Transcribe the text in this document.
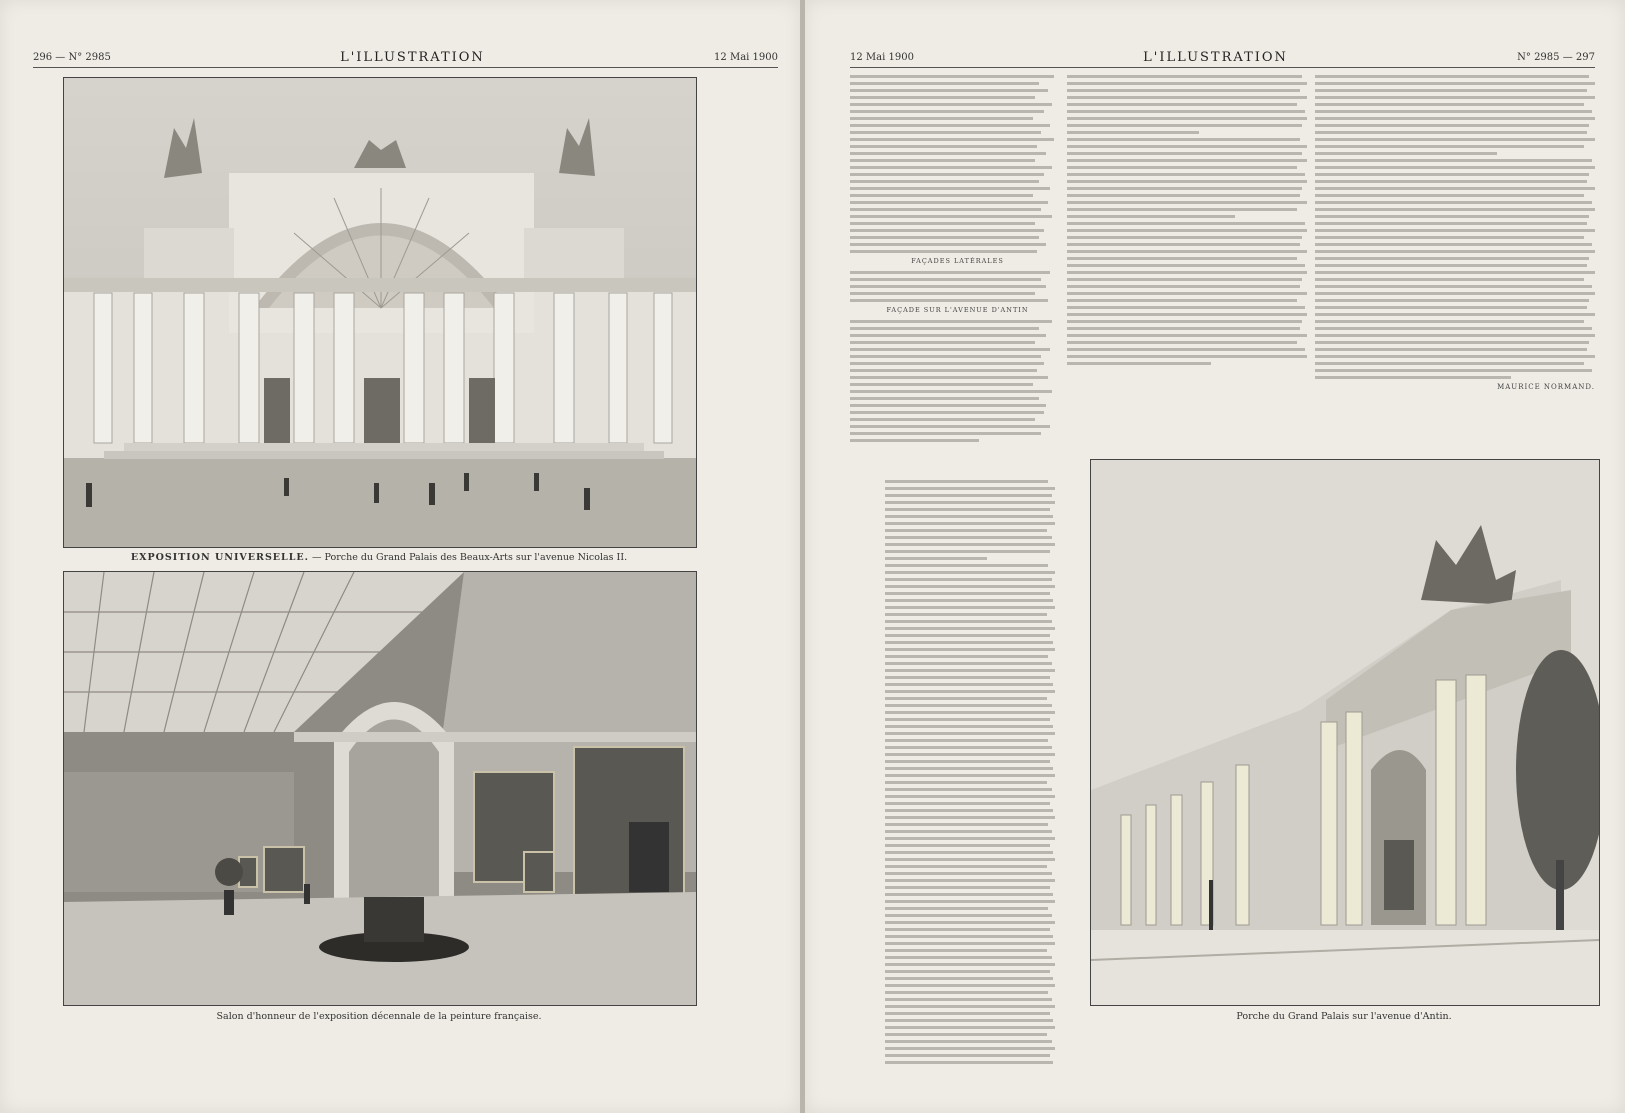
296 — N° 2985	L'ILLUSTRATION	12 Mai 1900
EXPOSITION UNIVERSELLE. — Porche du Grand Palais des Beaux-Arts sur l'avenue Nicolas II.
Salon d'honneur de l'exposition décennale de la peinture française.
12 Mai 1900	L'ILLUSTRATION	N° 2985 — 297
FAÇADES LATÉRALES
FAÇADE SUR L'AVENUE D'ANTIN
MAURICE NORMAND.
Porche du Grand Palais sur l'avenue d'Antin.
